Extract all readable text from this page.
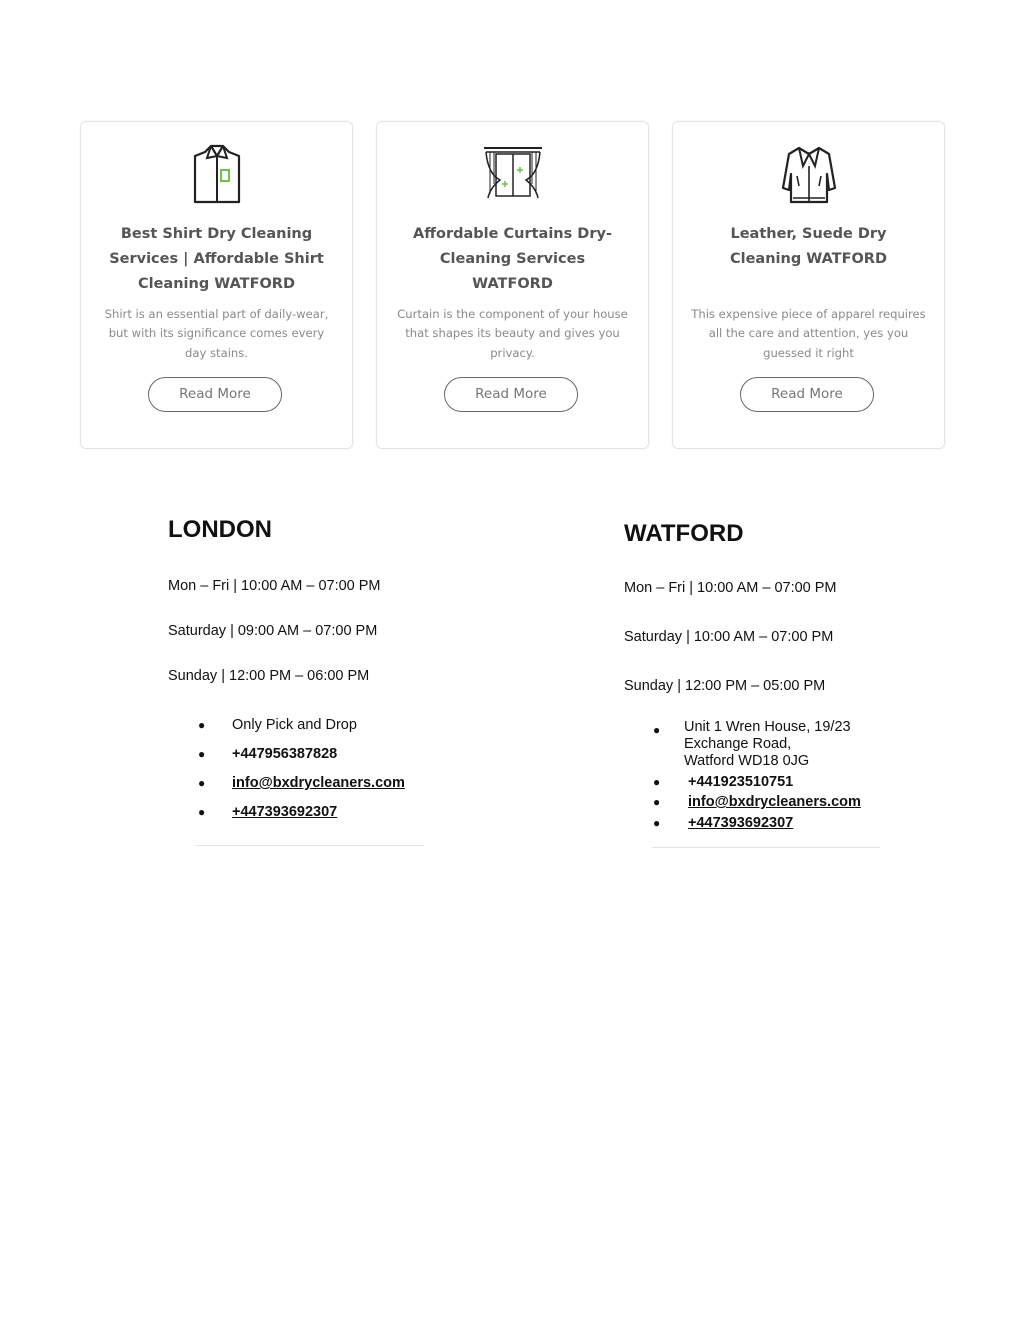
Best Shirt Dry Cleaning Services | Affordable Shirt Cleaning WATFORD

Shirt is an essential part of daily-wear, but with its significance comes every day stains.

Read More
Affordable Curtains Dry-Cleaning Services WATFORD

Curtain is the component of your house that shapes its beauty and gives you privacy.

Read More
Leather, Suede Dry Cleaning WATFORD

This expensive piece of apparel requires all the care and attention, yes you guessed it right

Read More
LONDON

Mon – Fri | 10:00 AM – 07:00 PM

Saturday | 09:00 AM – 07:00 PM

Sunday | 12:00 PM – 06:00 PM

● Only Pick and Drop
● +447956387828
● info@bxdrycleaners.com
● +447393692307
WATFORD

Mon – Fri | 10:00 AM – 07:00 PM

Saturday | 10:00 AM – 07:00 PM

Sunday | 12:00 PM – 05:00 PM

● Unit 1 Wren House, 19/23
Exchange Road,
Watford WD18 0JG
● +441923510751
● info@bxdrycleaners.com
● +447393692307
